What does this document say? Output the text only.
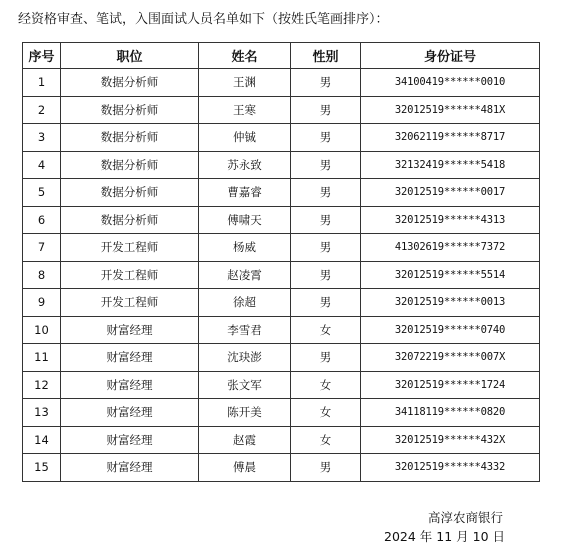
经资格审查、笔试，入围面试人员名单如下（按姓氏笔画排序）：
序号	职位	姓名	性别	身份证号
1	数据分析师	王渊	男	34100419******0010
2	数据分析师	王寒	男	32012519******481X
3	数据分析师	仲铖	男	32062119******8717
4	数据分析师	苏永致	男	32132419******5418
5	数据分析师	曹嘉睿	男	32012519******0017
6	数据分析师	傅啸天	男	32012519******4313
7	开发工程师	杨威	男	41302619******7372
8	开发工程师	赵凌霄	男	32012519******5514
9	开发工程师	徐超	男	32012519******0013
10	财富经理	李雪君	女	32012519******0740
11	财富经理	沈玦澎	男	32072219******007X
12	财富经理	张文军	女	32012519******1724
13	财富经理	陈开美	女	34118119******0820
14	财富经理	赵霞	女	32012519******432X
15	财富经理	傅晨	男	32012519******4332
高淳农商银行
2024 年 11 月 10 日
